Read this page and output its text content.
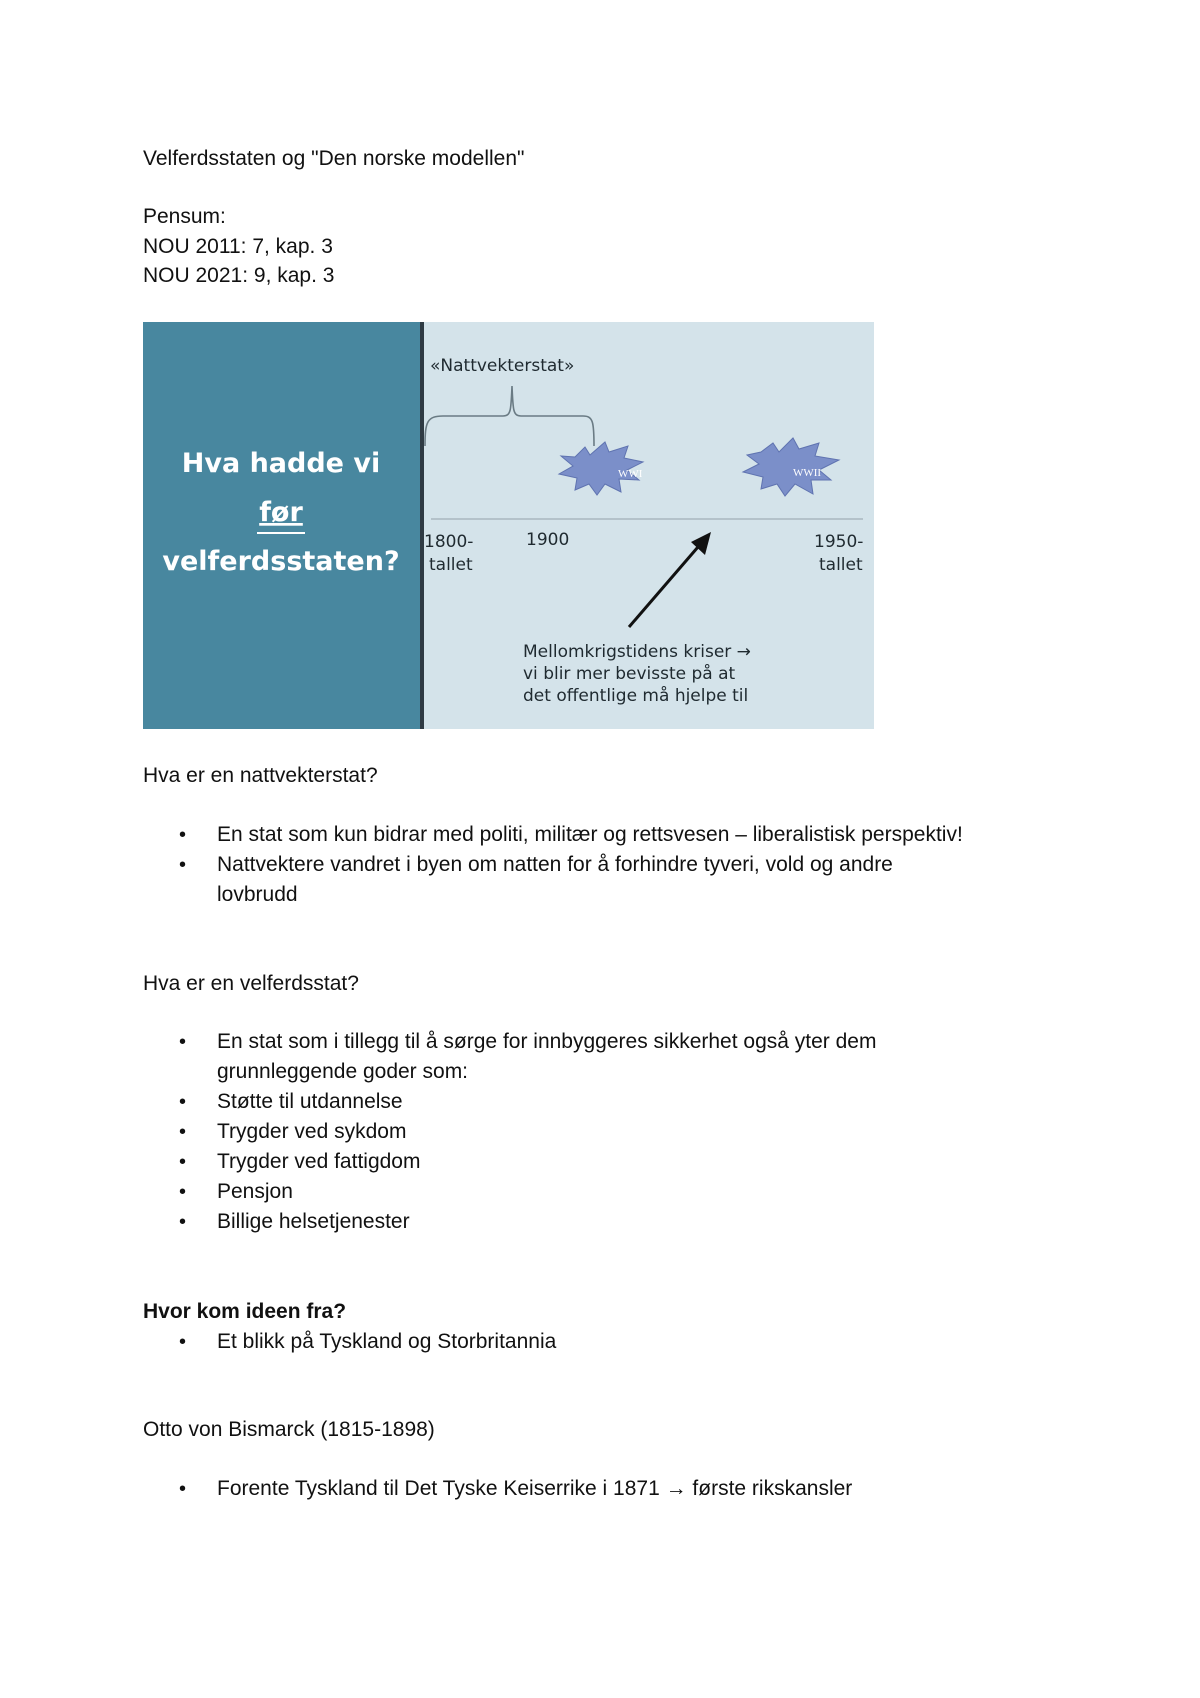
Velferdsstaten og "Den norske modellen"
Pensum:
NOU 2011: 7, kap. 3
NOU 2021: 9, kap. 3
Hva hadde vi
før
velferdsstaten?
«Nattvekterstat»
WWI	WWII
1800-
tallet
1900	1950-
tallet
Mellomkrigstidens kriser →
vi blir mer bevisste på at
det offentlige må hjelpe til
Hva er en nattvekterstat?
• En stat som kun bidrar med politi, militær og rettsvesen – liberalistisk perspektiv!
• Nattvektere vandret i byen om natten for å forhindre tyveri, vold og andre lovbrudd
Hva er en velferdsstat?
• En stat som i tillegg til å sørge for innbyggeres sikkerhet også yter dem grunnleggende goder som:
• Støtte til utdannelse
• Trygder ved sykdom
• Trygder ved fattigdom
• Pensjon
• Billige helsetjenester
Hvor kom ideen fra?
• Et blikk på Tyskland og Storbritannia
Otto von Bismarck (1815-1898)
• Forente Tyskland til Det Tyske Keiserrike i 1871 → første rikskansler
